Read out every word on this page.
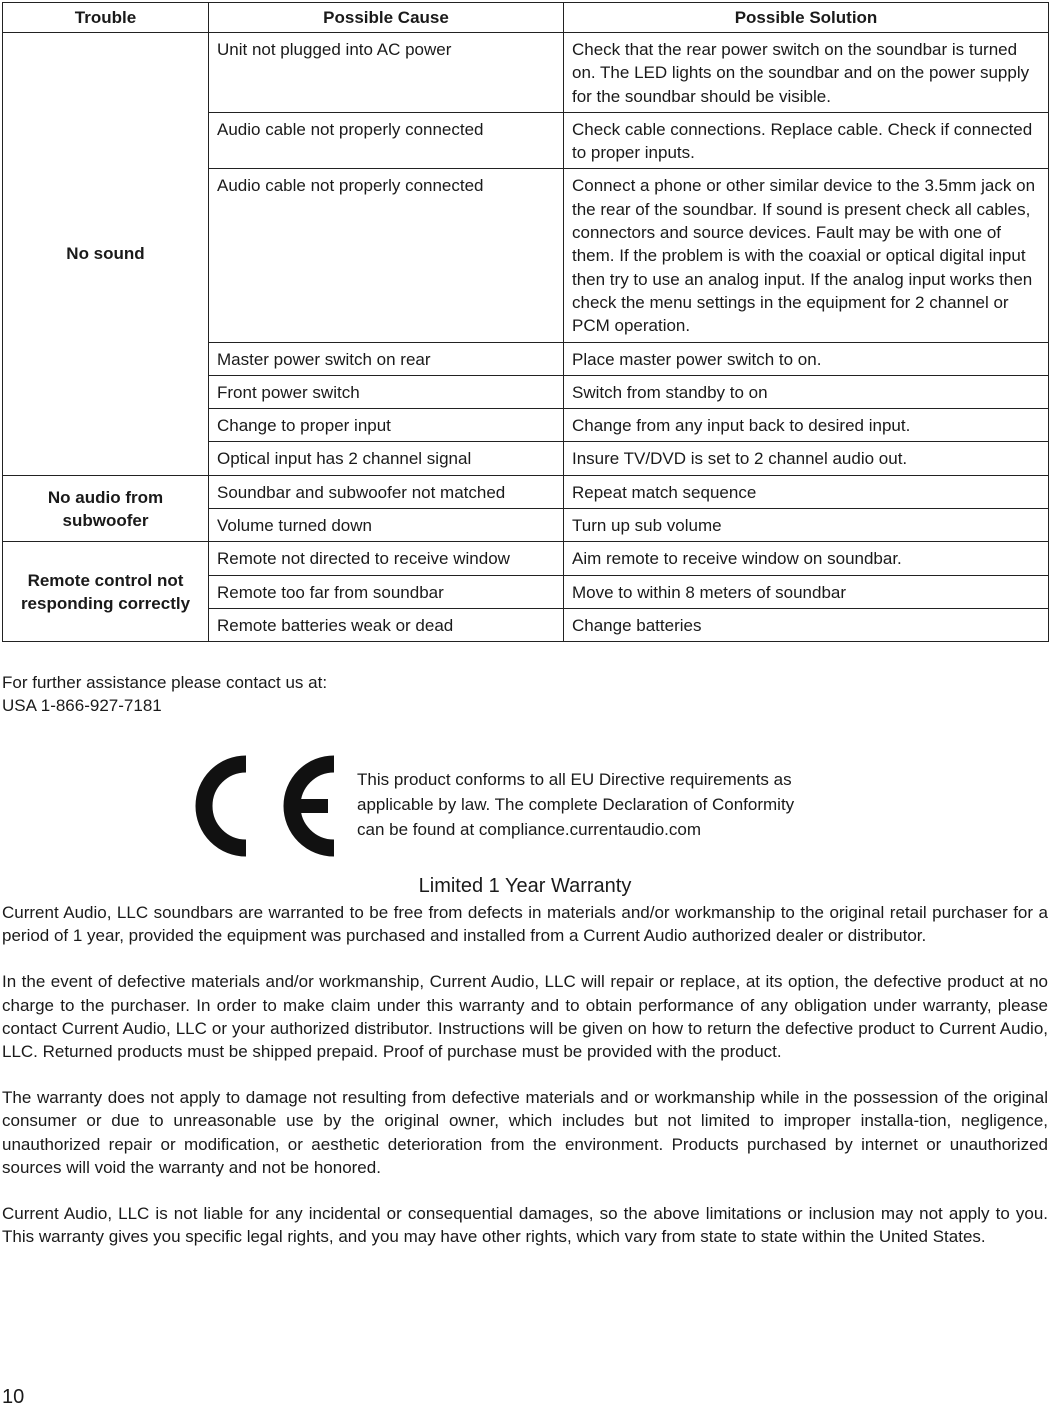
Trouble	Possible Cause	Possible Solution
No sound	Unit not plugged into AC power	Check that the rear power switch on the soundbar is turned on. The LED lights on the soundbar and on the power supply for the soundbar should be visible.
	Audio cable not properly connected	Check cable connections. Replace cable. Check if connected to proper inputs.
	Audio cable not properly connected	Connect a phone or other similar device to the 3.5mm jack on the rear of the soundbar. If sound is present check all cables, connectors and source devices. Fault may be with one of them. If the problem is with the coaxial or optical digital input then try to use an analog input. If the analog input works then check the menu settings in the equipment for 2 channel or PCM operation.
	Master power switch on rear	Place master power switch to on.
	Front power switch	Switch from standby to on
	Change to proper input	Change from any input back to desired input.
	Optical input has 2 channel signal	Insure TV/DVD is set to 2 channel audio out.

No audio from subwoofer	Soundbar and subwoofer not matched	Repeat match sequence
	Volume turned down	Turn up sub volume

Remote control not responding correctly	Remote not directed to receive window	Aim remote to receive window on soundbar.
	Remote too far from soundbar	Move to within 8 meters of soundbar
	Remote batteries weak or dead	Change batteries
For further assistance please contact us at:
USA 1-866-927-7181
This product conforms to all EU Directive requirements as
applicable by law. The complete Declaration of Conformity
can be found at compliance.currentaudio.com
Limited 1 Year Warranty

Current Audio, LLC soundbars are warranted to be free from defects in materials and/or workmanship to the original retail purchaser for a period of 1 year, provided the equipment was purchased and installed from a Current Audio authorized dealer or distributor.

In the event of defective materials and/or workmanship, Current Audio, LLC will repair or replace, at its option, the defective product at no charge to the purchaser. In order to make claim under this warranty and to obtain performance of any obligation under warranty, please contact Current Audio, LLC or your authorized distributor. Instructions will be given on how to return the defective product to Current Audio, LLC. Returned products must be shipped prepaid. Proof of purchase must be provided with the product.

The warranty does not apply to damage not resulting from defective materials and or workmanship while in the possession of the original consumer or due to unreasonable use by the original owner, which includes but not limited to improper installa-tion, negligence, unauthorized repair or modification, or aesthetic deterioration from the environment. Products purchased by internet or unauthorized sources will void the warranty and not be honored.

Current Audio, LLC is not liable for any incidental or consequential damages, so the above limitations or inclusion may not apply to you. This warranty gives you specific legal rights, and you may have other rights, which vary from state to state within the United States.

10
